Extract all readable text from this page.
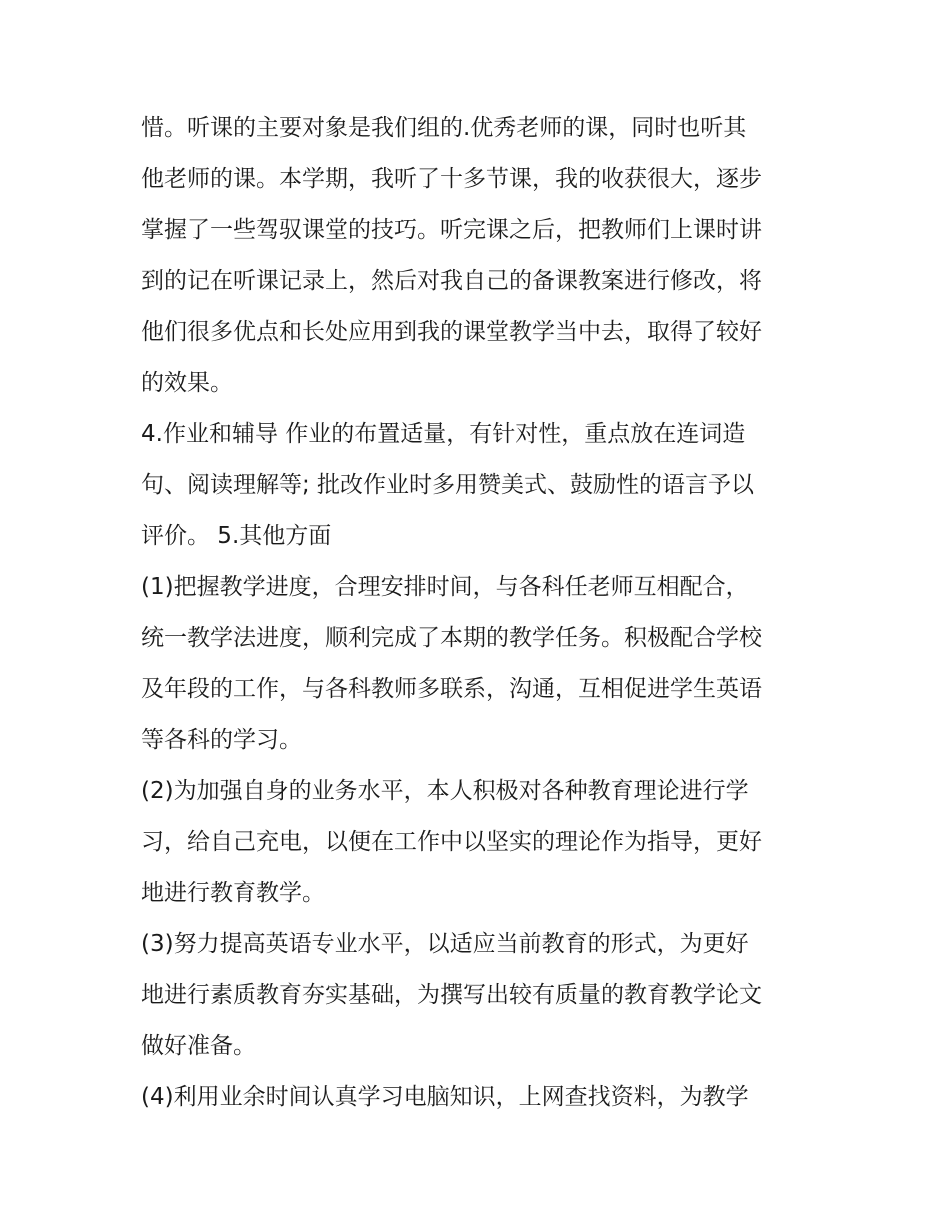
惜。听课的主要对象是我们组的.优秀老师的课，同时也听其
他老师的课。本学期，我听了十多节课，我的收获很大，逐步
掌握了一些驾驭课堂的技巧。听完课之后，把教师们上课时讲
到的记在听课记录上，然后对我自己的备课教案进行修改，将
他们很多优点和长处应用到我的课堂教学当中去，取得了较好
的效果。
4.作业和辅导 作业的布置适量，有针对性，重点放在连词造
句、阅读理解等; 批改作业时多用赞美式、鼓励性的语言予以
评价。 5.其他方面
(1)把握教学进度，合理安排时间，与各科任老师互相配合，
统一教学法进度，顺利完成了本期的教学任务。积极配合学校
及年段的工作，与各科教师多联系，沟通，互相促进学生英语
等各科的学习。
(2)为加强自身的业务水平，本人积极对各种教育理论进行学
习，给自己充电，以便在工作中以坚实的理论作为指导，更好
地进行教育教学。
(3)努力提高英语专业水平，以适应当前教育的形式，为更好
地进行素质教育夯实基础，为撰写出较有质量的教育教学论文
做好准备。
(4)利用业余时间认真学习电脑知识，上网查找资料，为教学
